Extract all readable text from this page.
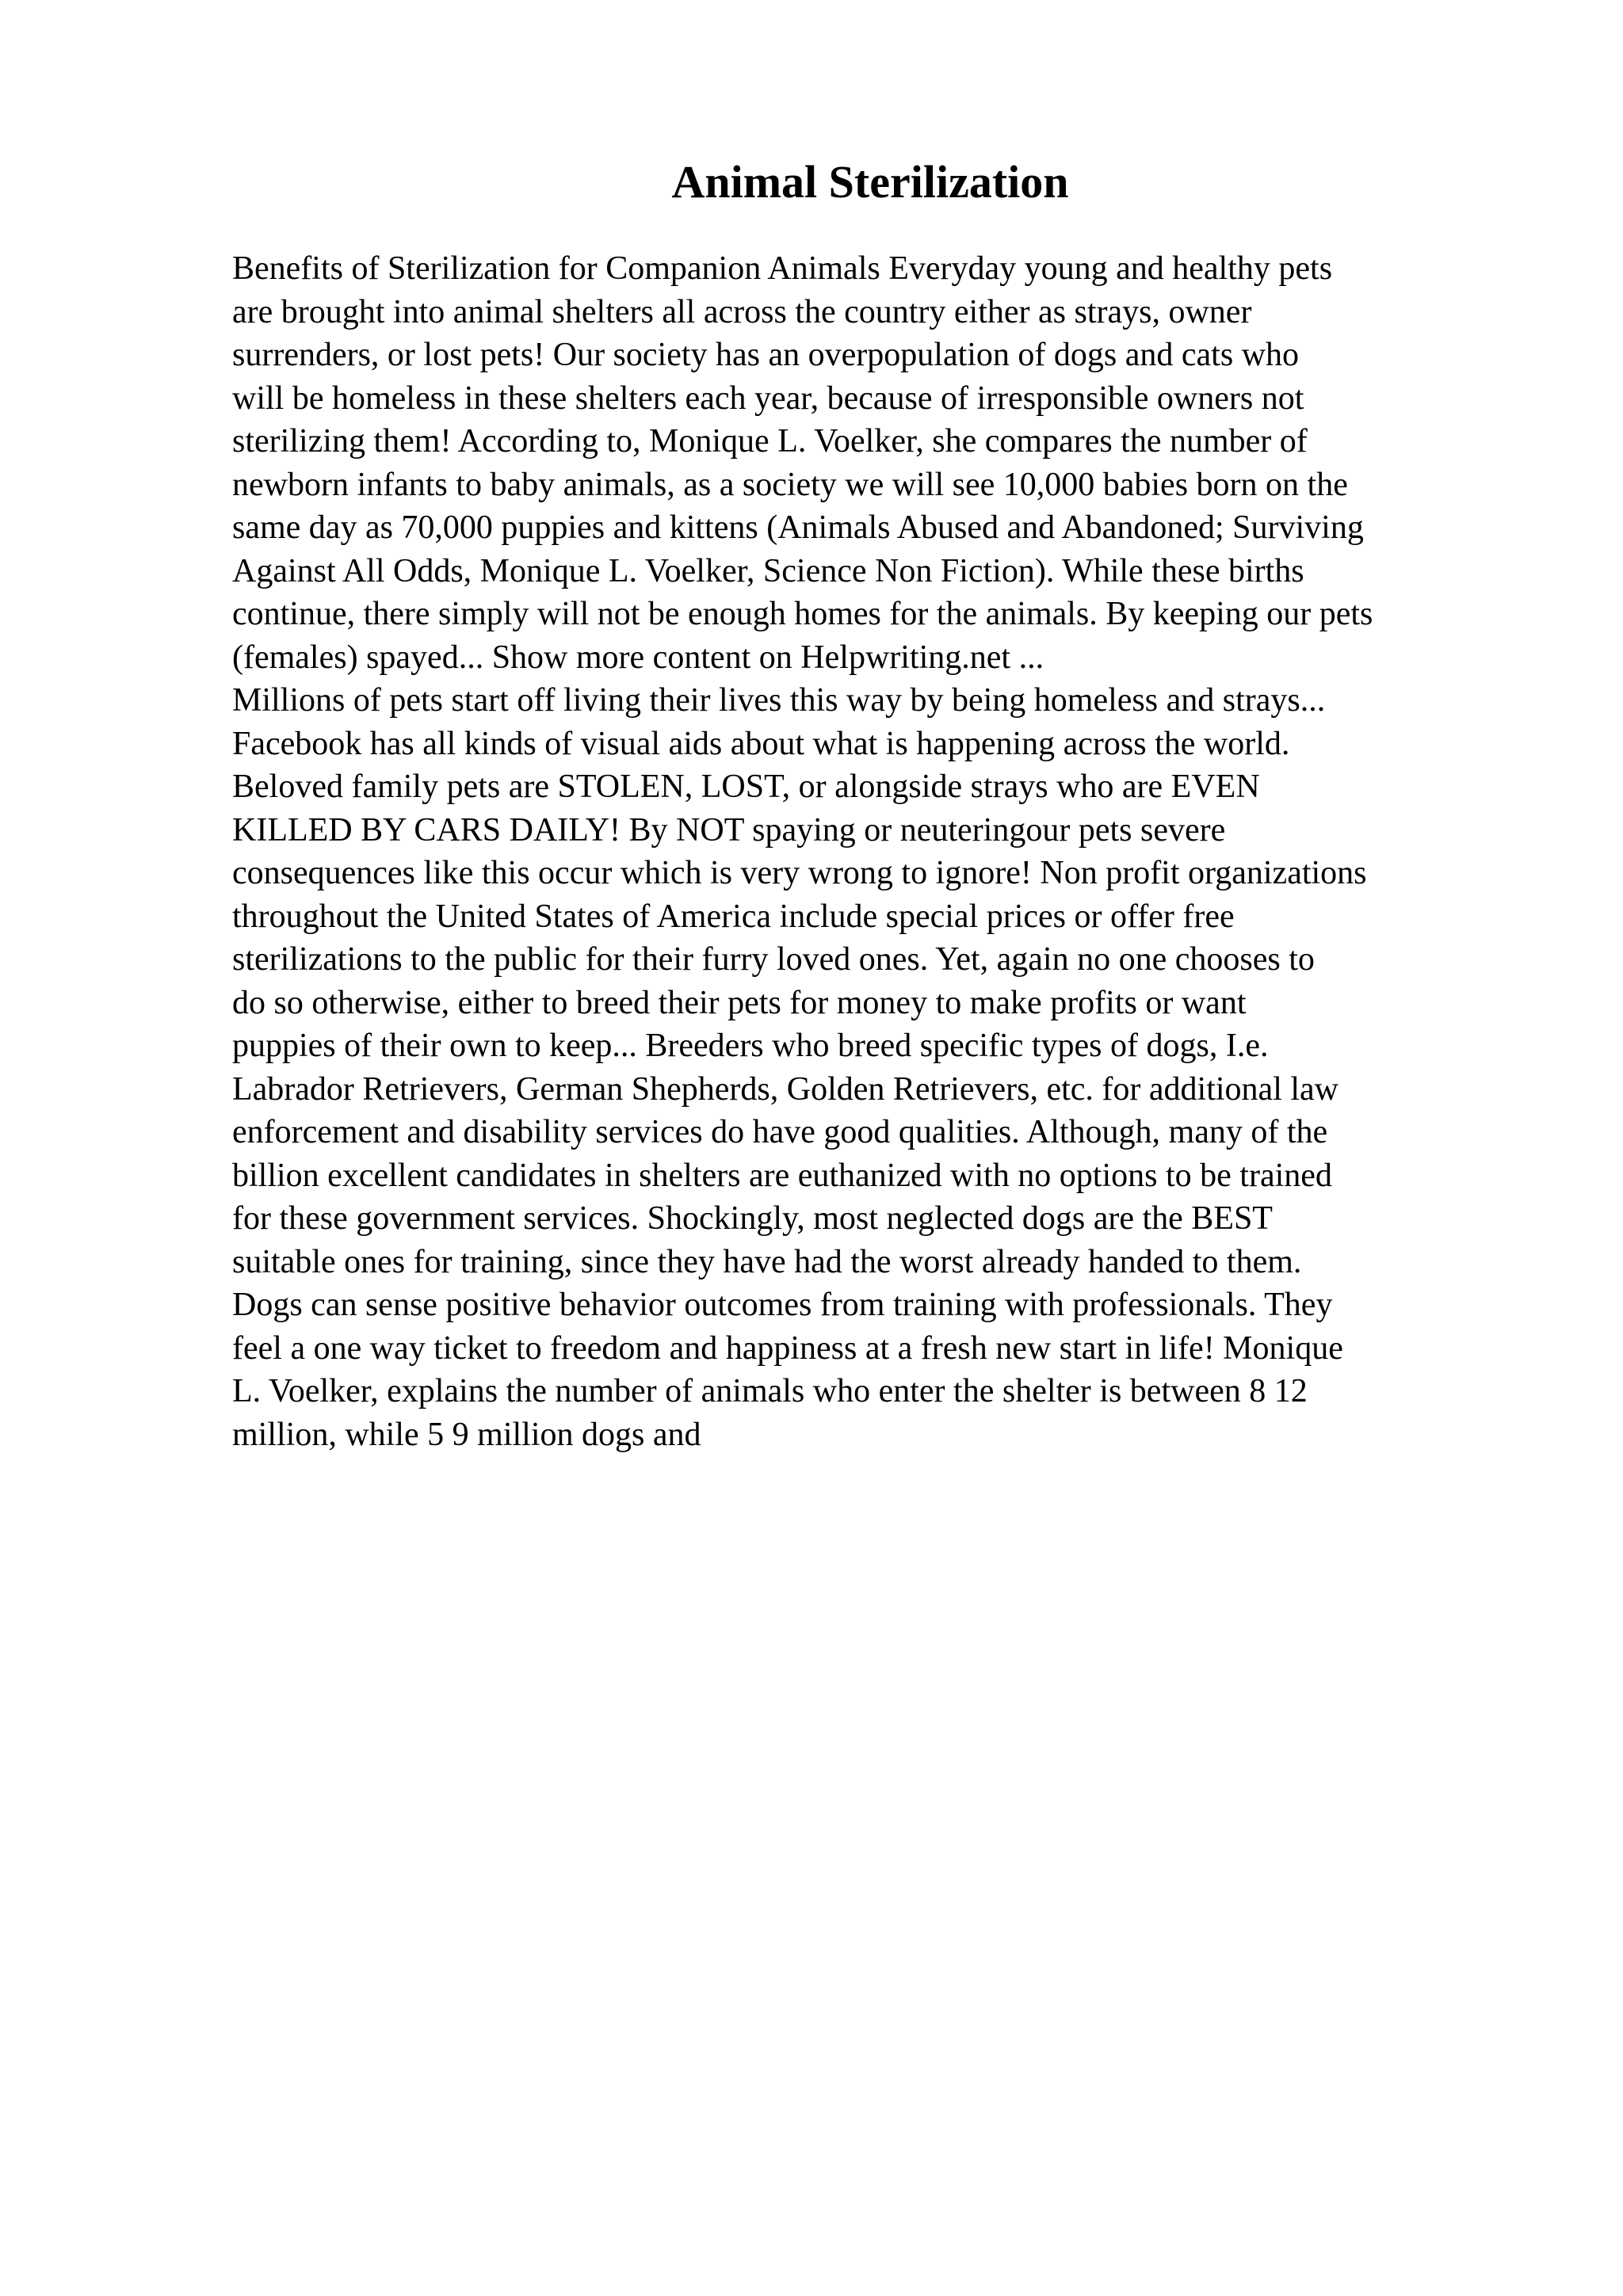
Animal Sterilization
Benefits of Sterilization for Companion Animals Everyday young and healthy pets
are brought into animal shelters all across the country either as strays, owner
surrenders, or lost pets! Our society has an overpopulation of dogs and cats who
will be homeless in these shelters each year, because of irresponsible owners not
sterilizing them! According to, Monique L. Voelker, she compares the number of
newborn infants to baby animals, as a society we will see 10,000 babies born on the
same day as 70,000 puppies and kittens (Animals Abused and Abandoned; Surviving
Against All Odds, Monique L. Voelker, Science Non Fiction). While these births
continue, there simply will not be enough homes for the animals. By keeping our pets
(females) spayed... Show more content on Helpwriting.net ...
Millions of pets start off living their lives this way by being homeless and strays...
Facebook has all kinds of visual aids about what is happening across the world.
Beloved family pets are STOLEN, LOST, or alongside strays who are EVEN
KILLED BY CARS DAILY! By NOT spaying or neuteringour pets severe
consequences like this occur which is very wrong to ignore! Non profit organizations
throughout the United States of America include special prices or offer free
sterilizations to the public for their furry loved ones. Yet, again no one chooses to
do so otherwise, either to breed their pets for money to make profits or want
puppies of their own to keep... Breeders who breed specific types of dogs, I.e.
Labrador Retrievers, German Shepherds, Golden Retrievers, etc. for additional law
enforcement and disability services do have good qualities. Although, many of the
billion excellent candidates in shelters are euthanized with no options to be trained
for these government services. Shockingly, most neglected dogs are the BEST
suitable ones for training, since they have had the worst already handed to them.
Dogs can sense positive behavior outcomes from training with professionals. They
feel a one way ticket to freedom and happiness at a fresh new start in life! Monique
L. Voelker, explains the number of animals who enter the shelter is between 8 12
million, while 5 9 million dogs and
